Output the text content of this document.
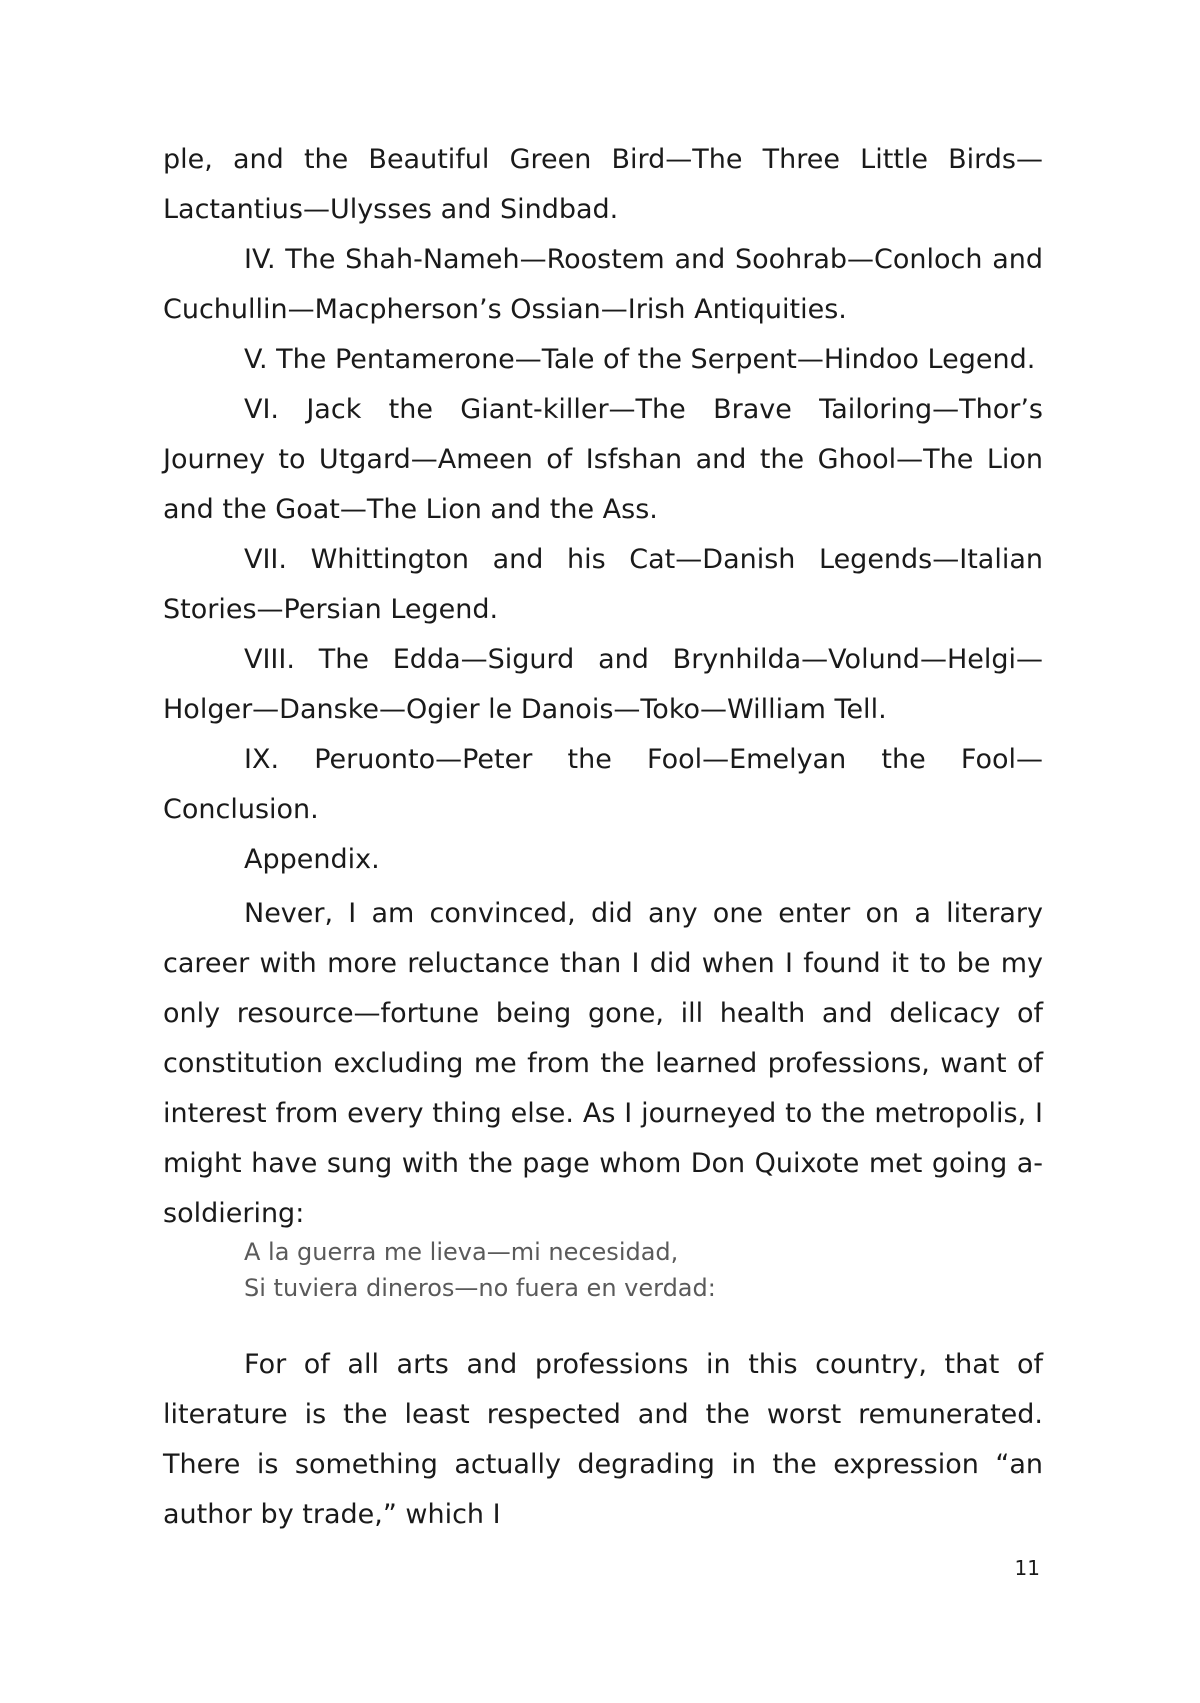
ple, and the Beautiful Green Bird—The Three Little Birds—Lactantius—Ulysses and Sindbad.

IV. The Shah-Nameh—Roostem and Soohrab—Conloch and Cuchullin—Macpherson’s Ossian—Irish Antiquities.

V. The Pentamerone—Tale of the Serpent—Hindoo Legend.

VI. Jack the Giant-killer—The Brave Tailoring—Thor’s Journey to Utgard—Ameen of Isfshan and the Ghool—The Lion and the Goat—The Lion and the Ass.

VII. Whittington and his Cat—Danish Legends—Italian Stories—Persian Legend.

VIII. The Edda—Sigurd and Brynhilda—Volund—Helgi—Holger—Danske—Ogier le Danois—Toko—William Tell.

IX. Peruonto—Peter the Fool—Emelyan the Fool—Conclusion.

Appendix.

Never, I am convinced, did any one enter on a literary career with more reluctance than I did when I found it to be my only resource—fortune being gone, ill health and delicacy of constitution excluding me from the learned professions, want of interest from every thing else. As I journeyed to the metropolis, I might have sung with the page whom Don Quixote met going a-soldiering:

A la guerra me lieva—mi necesidad,
Si tuviera dineros—no fuera en verdad:

For of all arts and professions in this country, that of literature is the least respected and the worst remunerated. There is something actually degrading in the expression “an author by trade,” which I

11
